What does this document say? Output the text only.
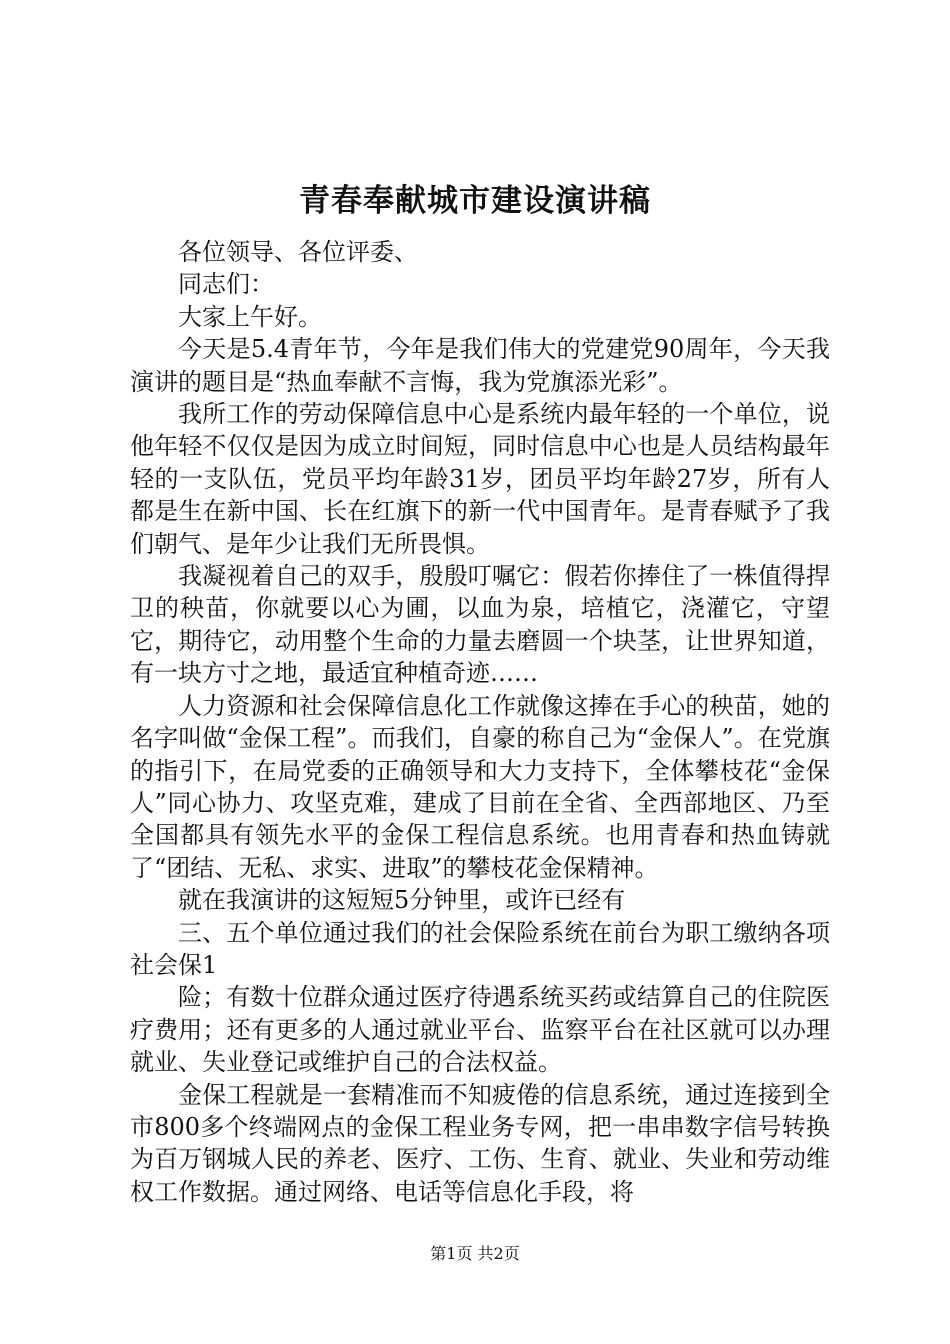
青春奉献城市建设演讲稿

各位领导、各位评委、

同志们：

大家上午好。

今天是5.4青年节，今年是我们伟大的党建党90周年，今天我演讲的题目是“热血奉献不言悔，我为党旗添光彩”。

我所工作的劳动保障信息中心是系统内最年轻的一个单位，说他年轻不仅仅是因为成立时间短，同时信息中心也是人员结构最年轻的一支队伍，党员平均年龄31岁，团员平均年龄27岁，所有人都是生在新中国、长在红旗下的新一代中国青年。是青春赋予了我们朝气、是年少让我们无所畏惧。

我凝视着自己的双手，殷殷叮嘱它：假若你捧住了一株值得捍卫的秧苗，你就要以心为圃，以血为泉，培植它，浇灌它，守望它，期待它，动用整个生命的力量去磨圆一个块茎，让世界知道，有一块方寸之地，最适宜种植奇迹……

人力资源和社会保障信息化工作就像这捧在手心的秧苗，她的名字叫做“金保工程”。而我们，自豪的称自己为“金保人”。在党旗的指引下，在局党委的正确领导和大力支持下，全体攀枝花“金保人”同心协力、攻坚克难，建成了目前在全省、全西部地区、乃至全国都具有领先水平的金保工程信息系统。也用青春和热血铸就了“团结、无私、求实、进取”的攀枝花金保精神。

就在我演讲的这短短5分钟里，或许已经有

三、五个单位通过我们的社会保险系统在前台为职工缴纳各项社会保1

险；有数十位群众通过医疗待遇系统买药或结算自己的住院医疗费用；还有更多的人通过就业平台、监察平台在社区就可以办理就业、失业登记或维护自己的合法权益。

金保工程就是一套精准而不知疲倦的信息系统，通过连接到全市800多个终端网点的金保工程业务专网，把一串串数字信号转换为百万钢城人民的养老、医疗、工伤、生育、就业、失业和劳动维权工作数据。通过网络、电话等信息化手段，将

第1页 共2页
